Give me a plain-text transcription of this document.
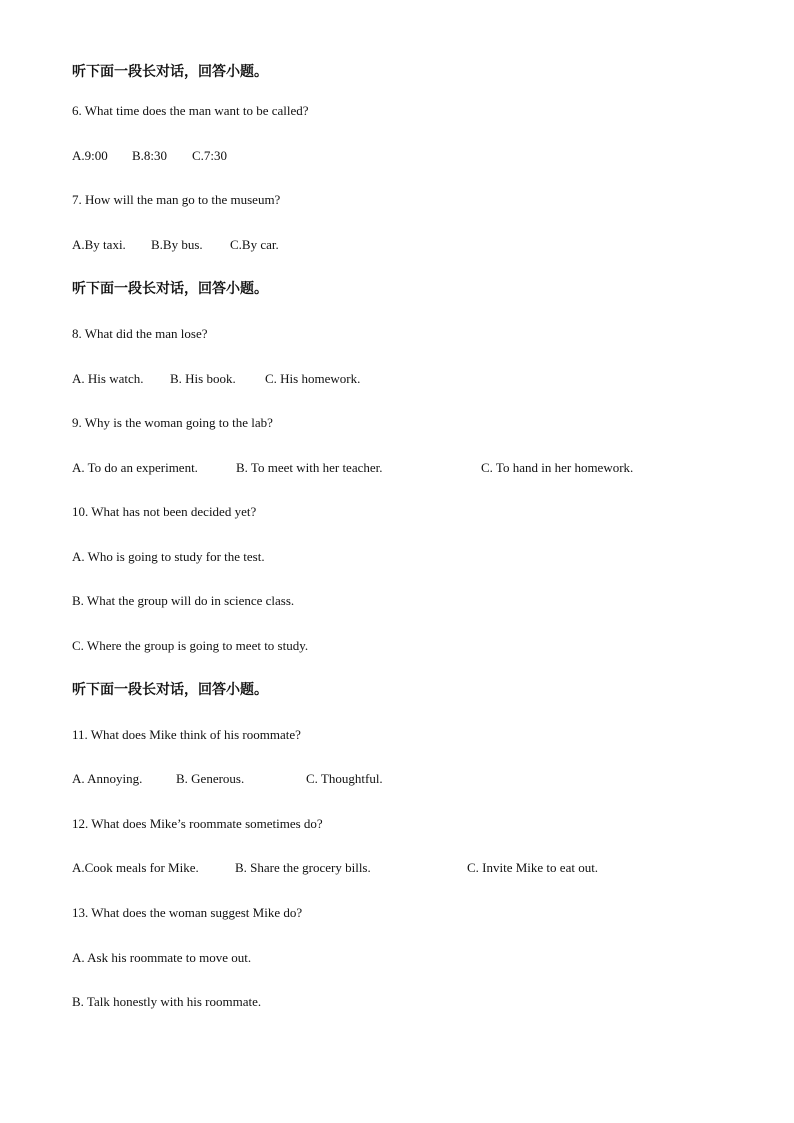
听下面一段长对话，回答小题。
6. What time does the man want to be called?
A.9:00 B.8:30 C.7:30
7. How will the man go to the museum?
A.By taxi. B.By bus. C.By car.
听下面一段长对话，回答小题。
8. What did the man lose?
A. His watch. B. His book. C. His homework.
9. Why is the woman going to the lab?
A. To do an experiment.	B. To meet with her teacher.	C. To hand in her homework.
10. What has not been decided yet?
A. Who is going to study for the test.
B. What the group will do in science class.
C. Where the group is going to meet to study.
听下面一段长对话，回答小题。
11. What does Mike think of his roommate?
A. Annoying.	B. Generous.	C. Thoughtful.
12. What does Mike’s roommate sometimes do?
A.Cook meals for Mike.	B. Share the grocery bills.	C. Invite Mike to eat out.
13. What does the woman suggest Mike do?
A. Ask his roommate to move out.
B. Talk honestly with his roommate.
